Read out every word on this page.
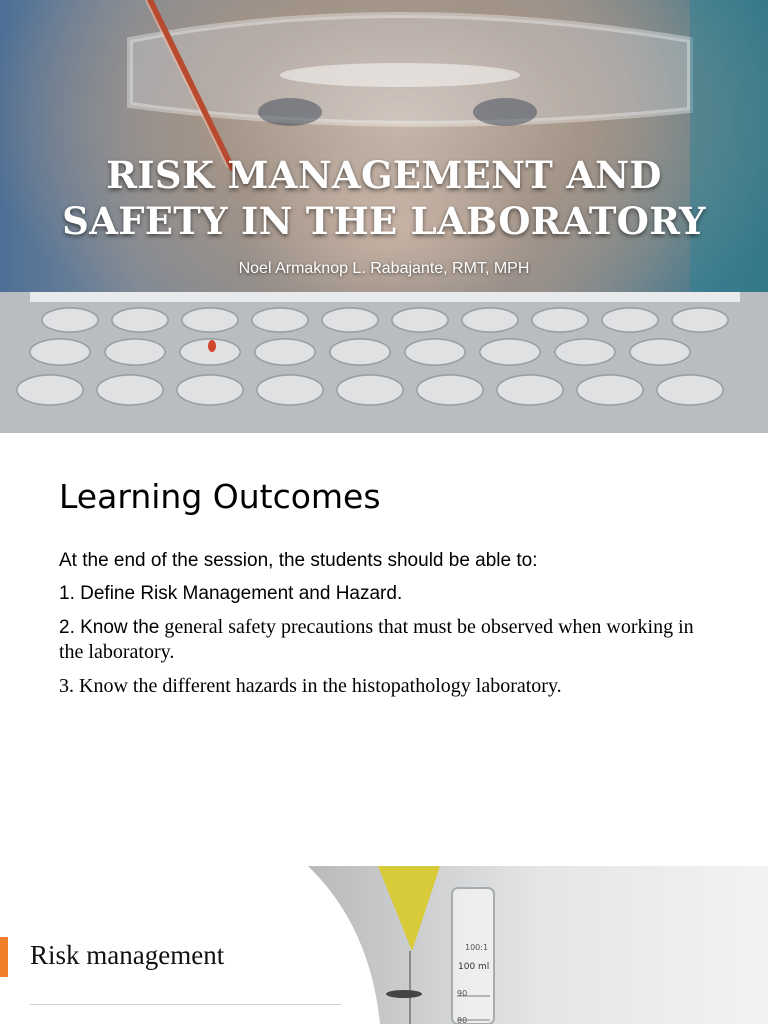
RISK MANAGEMENT AND
SAFETY IN THE LABORATORY
Noel Armaknop L. Rabajante, RMT, MPH
Learning Outcomes

At the end of the session, the students should be able to:

1. Define Risk Management and Hazard.

2. Know the general safety precautions that must be observed when working in the laboratory.

3. Know the different hazards in the histopathology laboratory.

100:1
100 ml
90
80
Risk management
